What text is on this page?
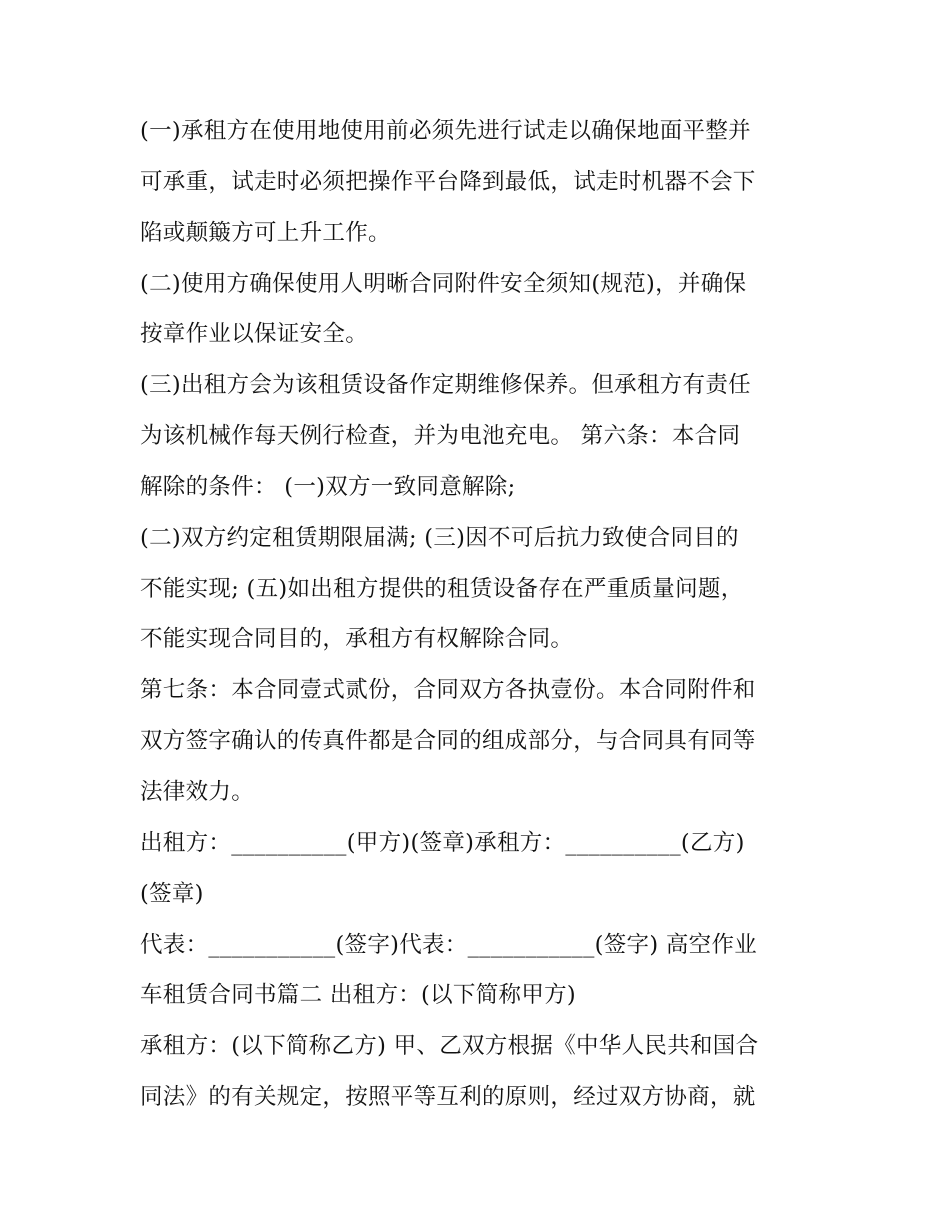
(一)承租方在使用地使用前必须先进行试走以确保地面平整并
可承重，试走时必须把操作平台降到最低，试走时机器不会下
陷或颠簸方可上升工作。
(二)使用方确保使用人明晰合同附件安全须知(规范)，并确保
按章作业以保证安全。
(三)出租方会为该租赁设备作定期维修保养。但承租方有责任
为该机械作每天例行检查，并为电池充电。 第六条：本合同
解除的条件： (一)双方一致同意解除;
(二)双方约定租赁期限届满; (三)因不可后抗力致使合同目的
不能实现; (五)如出租方提供的租赁设备存在严重质量问题，
不能实现合同目的，承租方有权解除合同。
第七条：本合同壹式贰份，合同双方各执壹份。本合同附件和
双方签字确认的传真件都是合同的组成部分，与合同具有同等
法律效力。
出租方：__________(甲方)(签章)承租方：__________(乙方)
(签章)
代表：___________(签字)代表：___________(签字) 高空作业
车租赁合同书篇二 出租方：(以下简称甲方)
承租方：(以下简称乙方) 甲、乙双方根据《中华人民共和国合
同法》的有关规定，按照平等互利的原则，经过双方协商，就
